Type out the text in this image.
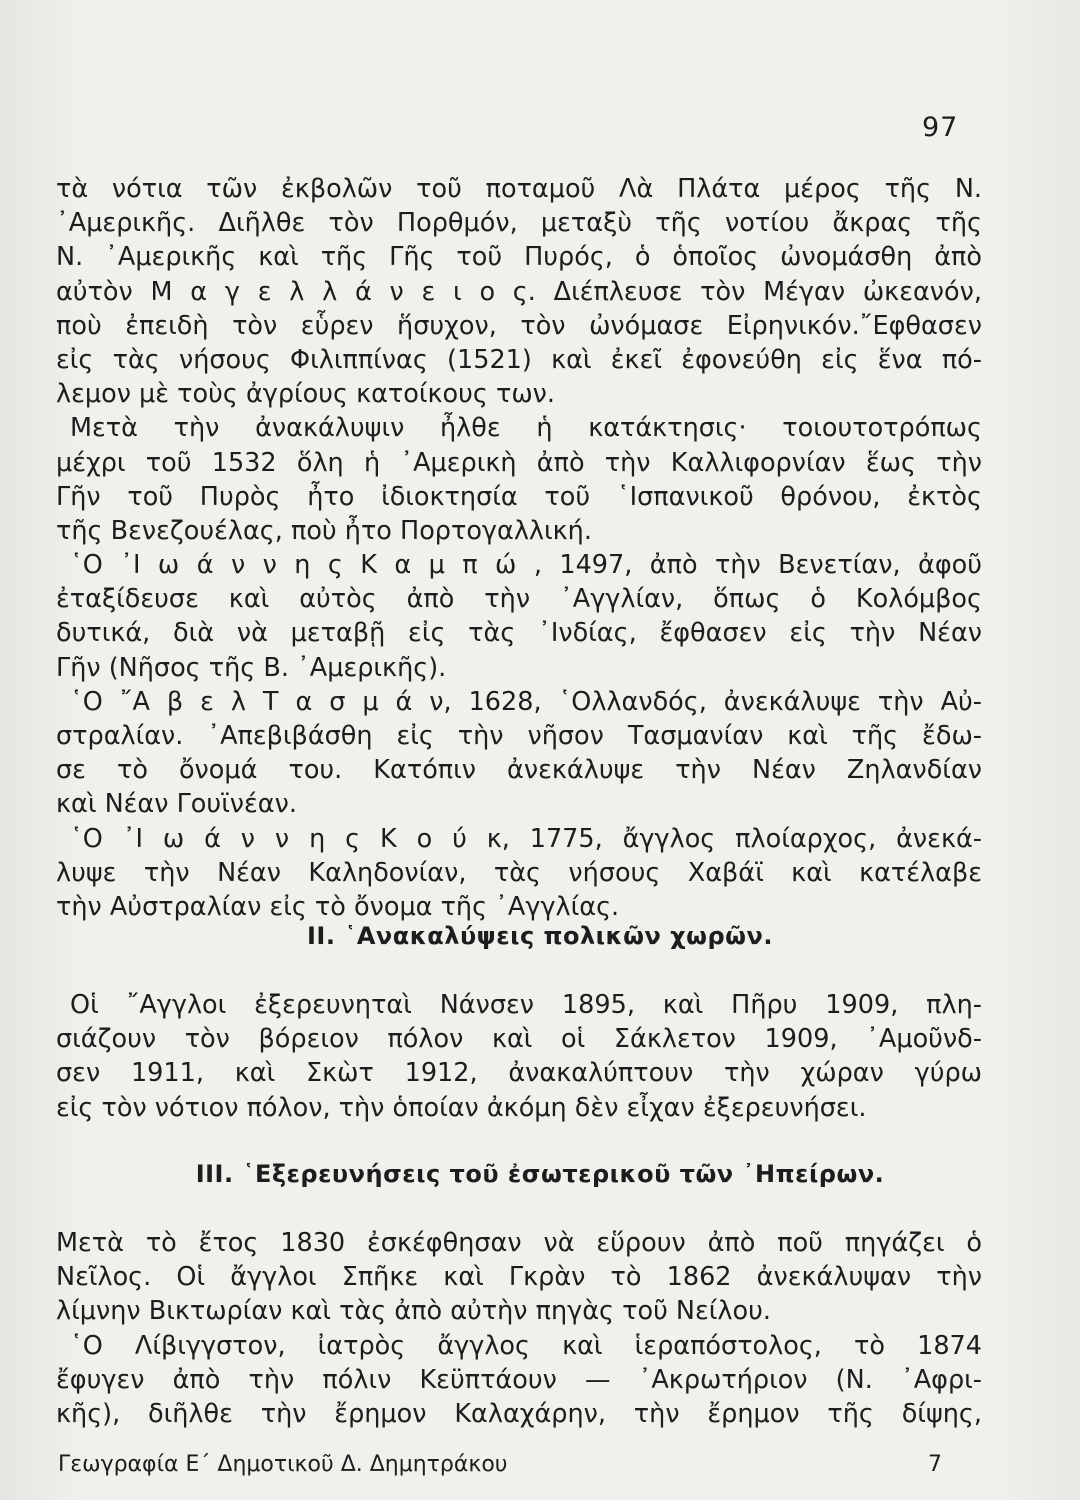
97
τὰ νότια τῶν ἐκβολῶν τοῦ ποταμοῦ Λὰ Πλάτα μέρος τῆς Ν.
᾿Αμερικῆς. Διῆλθε τὸν Πορθμόν, μεταξὺ τῆς νοτίου ἄκρας τῆς
Ν. ᾿Αμερικῆς καὶ τῆς Γῆς τοῦ Πυρός, ὁ ὁποῖος ὠνομάσθη ἀπὸ
αὐτὸν Μ α γ ε λ λ ά ν ε ι ο ς. Διέπλευσε τὸν Μέγαν ὠκεανόν,
ποὺ ἐπειδὴ τὸν εὗρεν ἥσυχον, τὸν ὠνόμασε Εἰρηνικόν.῎Εφθασεν
εἰς τὰς νήσους Φιλιππίνας (1521) καὶ ἐκεῖ ἐφονεύθη εἰς ἕνα πό-
λεμον μὲ τοὺς ἀγρίους κατοίκους των.
Μετὰ τὴν ἀνακάλυψιν ἦλθε ἡ κατάκτησις· τοιουτοτρόπως
μέχρι τοῦ 1532 ὅλη ἡ ᾿Αμερικὴ ἀπὸ τὴν Καλλιφορνίαν ἕως τὴν
Γῆν τοῦ Πυρὸς ἦτο ἰδιοκτησία τοῦ ῾Ισπανικοῦ θρόνου, ἐκτὸς
τῆς Βενεζουέλας, ποὺ ἦτο Πορτογαλλική.
῾Ο ᾿Ι ω ά ν ν η ς Κ α μ π ώ , 1497, ἀπὸ τὴν Βενετίαν, ἀφοῦ
ἐταξίδευσε καὶ αὐτὸς ἀπὸ τὴν ᾿Αγγλίαν, ὅπως ὁ Κολόμβος
δυτικά, διὰ νὰ μεταβῇ εἰς τὰς ᾿Ινδίας, ἔφθασεν εἰς τὴν Νέαν
Γῆν (Νῆσος τῆς Β. ᾿Αμερικῆς).
῾Ο ῎Α β ε λ Τ α σ μ ά ν, 1628, ῾Ολλανδός, ἀνεκάλυψε τὴν Αὐ-
στραλίαν. ᾿Απεβιβάσθη εἰς τὴν νῆσον Τασμανίαν καὶ τῆς ἔδω-
σε τὸ ὄνομά του. Κατόπιν ἀνεκάλυψε τὴν Νέαν Ζηλανδίαν
καὶ Νέαν Γουϊνέαν.
῾Ο ᾿Ι ω ά ν ν η ς Κ ο ύ κ, 1775, ἄγγλος πλοίαρχος, ἀνεκά-
λυψε τὴν Νέαν Καληδονίαν, τὰς νήσους Χαβάϊ καὶ κατέλαβε
τὴν Αὐστραλίαν εἰς τὸ ὄνομα τῆς ᾿Αγγλίας.
ΙΙ. ῾Ανακαλύψεις πολικῶν χωρῶν.
Οἱ ῎Αγγλοι ἐξερευνηταὶ Νάνσεν 1895, καὶ Πῆρυ 1909, πλη-
σιάζουν τὸν βόρειον πόλον καὶ οἱ Σάκλετον 1909, ᾿Αμοῦνδ-
σεν 1911, καὶ Σκὼτ 1912, ἀνακαλύπτουν τὴν χώραν γύρω
εἰς τὸν νότιον πόλον, τὴν ὁποίαν ἀκόμη δὲν εἶχαν ἐξερευνήσει.
ΙΙΙ. ῾Εξερευνήσεις τοῦ ἐσωτερικοῦ τῶν ᾿Ηπείρων.
Μετὰ τὸ ἔτος 1830 ἐσκέφθησαν νὰ εὕρουν ἀπὸ ποῦ πηγάζει ὁ
Νεῖλος. Οἱ ἄγγλοι Σπῆκε καὶ Γκρὰν τὸ 1862 ἀνεκάλυψαν τὴν
λίμνην Βικτωρίαν καὶ τὰς ἀπὸ αὐτὴν πηγὰς τοῦ Νείλου.
῾Ο Λίβιγγστον, ἰατρὸς ἄγγλος καὶ ἱεραπόστολος, τὸ 1874
ἔφυγεν ἀπὸ τὴν πόλιν Κεϋπτάουν — ᾿Ακρωτήριον (Ν. ᾿Αφρι-
κῆς), διῆλθε τὴν ἔρημον Καλαχάρην, τὴν ἔρημον τῆς δίψης,
Γεωγραφία Ε΄ Δημοτικοῦ Δ. Δημητράκου	7
